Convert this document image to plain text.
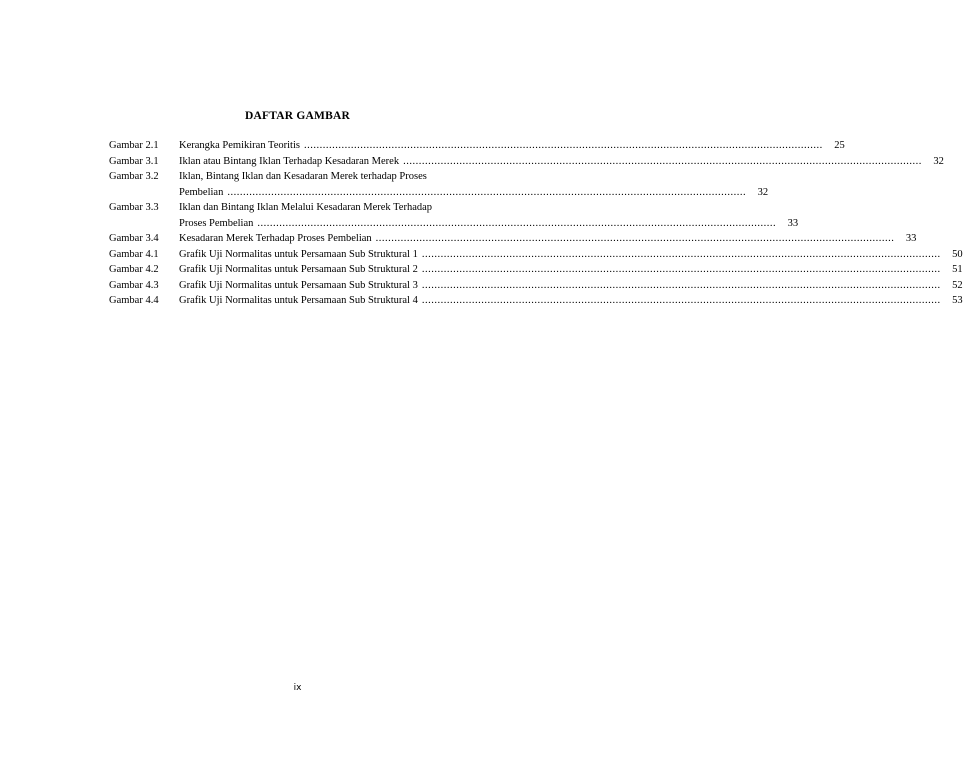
DAFTAR GAMBAR
Gambar 2.1	Kerangka Pemikiran Teoritis .....	25
Gambar 3.1	Iklan atau Bintang Iklan Terhadap Kesadaran Merek .....	32
Gambar 3.2	Iklan, Bintang Iklan dan Kesadaran Merek terhadap Proses
Pembelian .....	32
Gambar 3.3	Iklan dan Bintang Iklan Melalui Kesadaran Merek Terhadap
Proses Pembelian .....	33
Gambar 3.4	Kesadaran Merek Terhadap Proses Pembelian .....	33
Gambar 4.1	Grafik Uji Normalitas untuk Persamaan Sub Struktural 1 .....	50
Gambar 4.2	Grafik Uji Normalitas untuk Persamaan Sub Struktural 2 .....	51
Gambar 4.3	Grafik Uji Normalitas untuk Persamaan Sub Struktural 3 .....	52
Gambar 4.4	Grafik Uji Normalitas untuk Persamaan Sub Struktural 4 .....	53
ix
